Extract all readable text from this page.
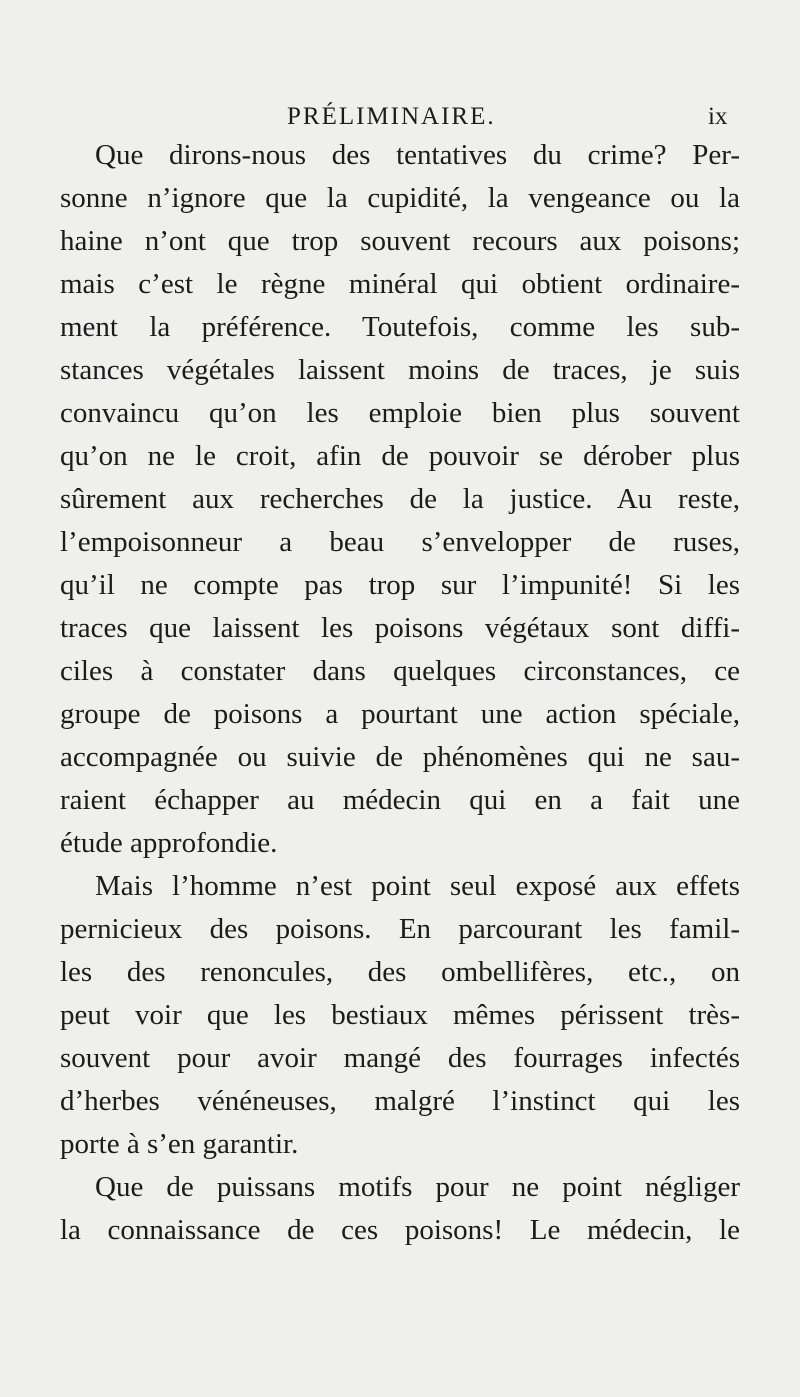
PRÉLIMINAIRE.	ix
Que dirons-nous des tentatives du crime? Per-
sonne n’ignore que la cupidité, la vengeance ou la
haine n’ont que trop souvent recours aux poisons;
mais c’est le règne minéral qui obtient ordinaire-
ment la préférence. Toutefois, comme les sub-
stances végétales laissent moins de traces, je suis
convaincu qu’on les emploie bien plus souvent
qu’on ne le croit, afin de pouvoir se dérober plus
sûrement aux recherches de la justice. Au reste,
l’empoisonneur a beau s’envelopper de ruses,
qu’il ne compte pas trop sur l’impunité! Si les
traces que laissent les poisons végétaux sont diffi-
ciles à constater dans quelques circonstances, ce
groupe de poisons a pourtant une action spéciale,
accompagnée ou suivie de phénomènes qui ne sau-
raient échapper au médecin qui en a fait une
étude approfondie.
Mais l’homme n’est point seul exposé aux effets
pernicieux des poisons. En parcourant les famil-
les des renoncules, des ombellifères, etc., on
peut voir que les bestiaux mêmes périssent très-
souvent pour avoir mangé des fourrages infectés
d’herbes vénéneuses, malgré l’instinct qui les
porte à s’en garantir.
Que de puissans motifs pour ne point négliger
la connaissance de ces poisons! Le médecin, le
